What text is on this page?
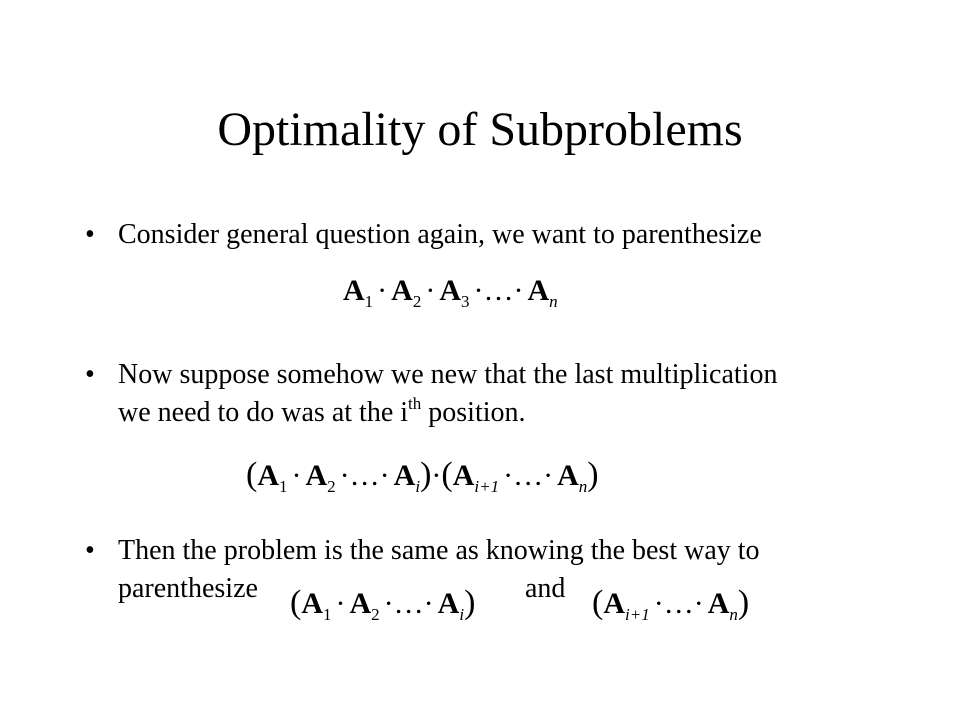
Optimality of Subproblems
• Consider general question again, we want to parenthesize
$A_1 \cdot A_2 \cdot A_3$ ·…· $A_n$
• Now suppose somehow we new that the last multiplication
we need to do was at the $i^{th}$ position.
($A_1 \cdot A_2$ ·…· $A_i)\cdot(A_{i+1}$ ·…· $A_n$)
• Then the problem is the same as knowing the best way to
parenthesize	and
($A_1 \cdot A_2$ ·…· $A_i$)	($A_{i+1}$ ·…· $A_n$)
